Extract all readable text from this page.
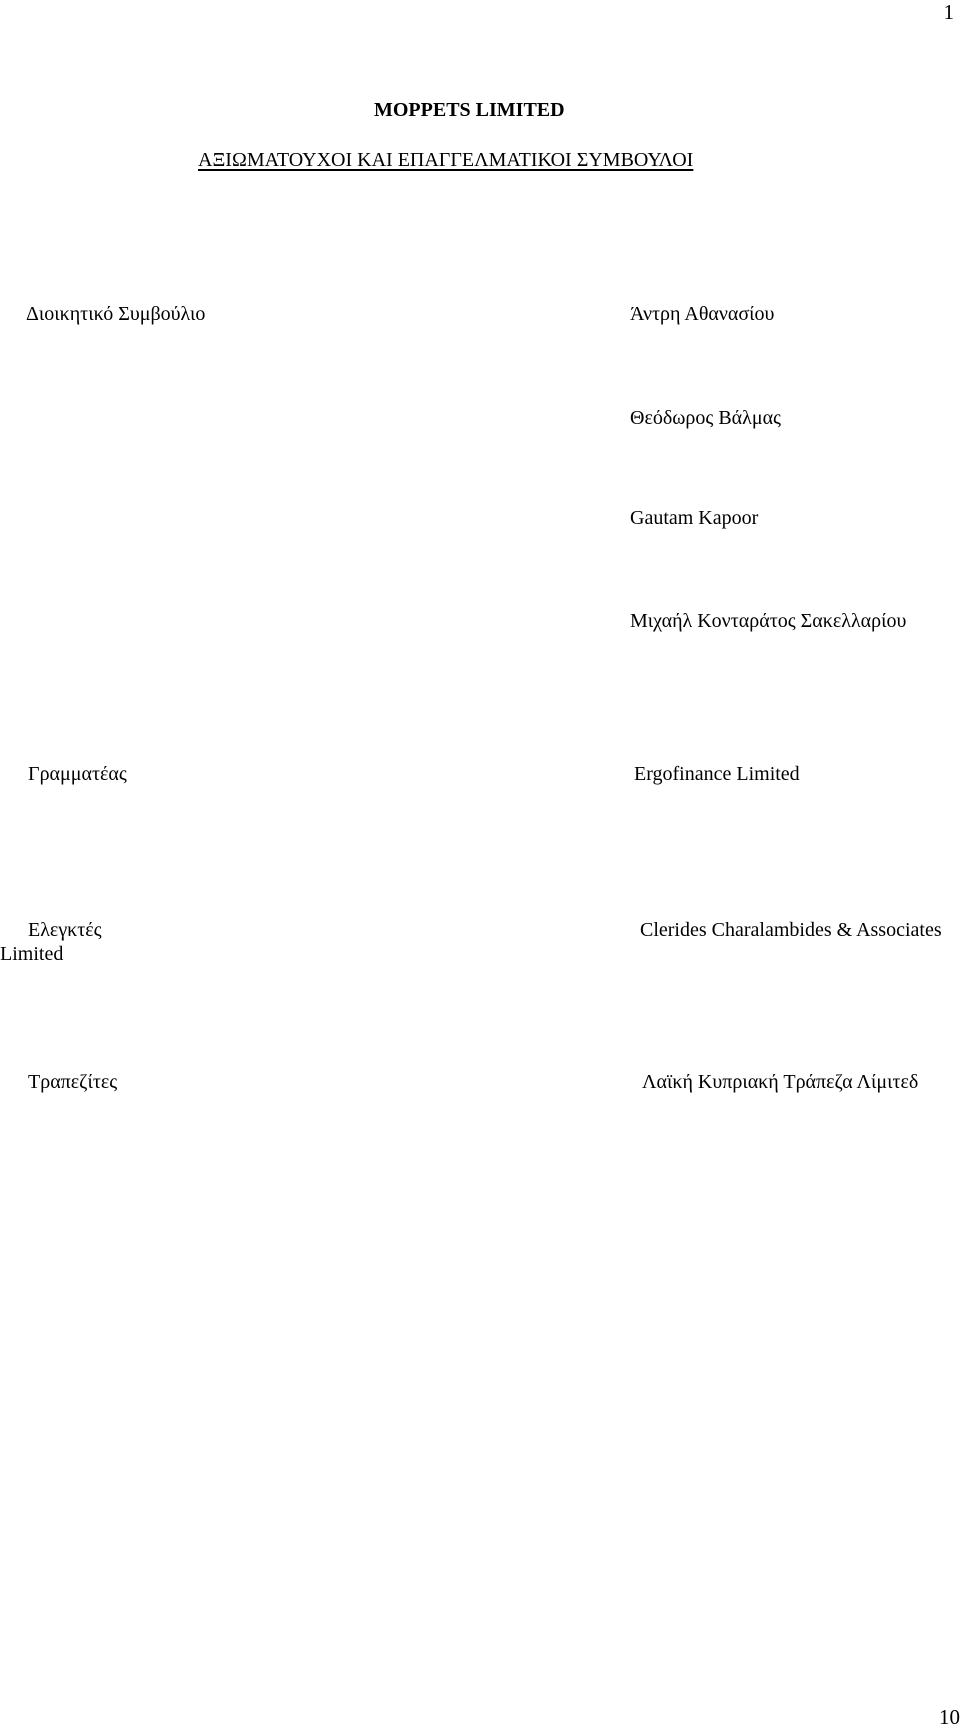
1
MOPPETS LIMITED
ΑΞΙΩΜΑΤΟΥΧΟΙ ΚΑΙ ΕΠΑΓΓΕΛΜΑΤΙΚΟΙ ΣΥΜΒΟΥΛΟΙ
Διοικητικό Συμβούλιο	Άντρη Αθανασίου
Θεόδωρος Βάλμας
Gautam Kapoor
Μιχαήλ Κονταράτος Σακελλαρίου
Γραμματέας	Ergofinance Limited
Ελεγκτές	Clerides Charalambides & Associates
Limited
Τραπεζίτες	Λαϊκή Κυπριακή Τράπεζα Λίμιτεδ
10
